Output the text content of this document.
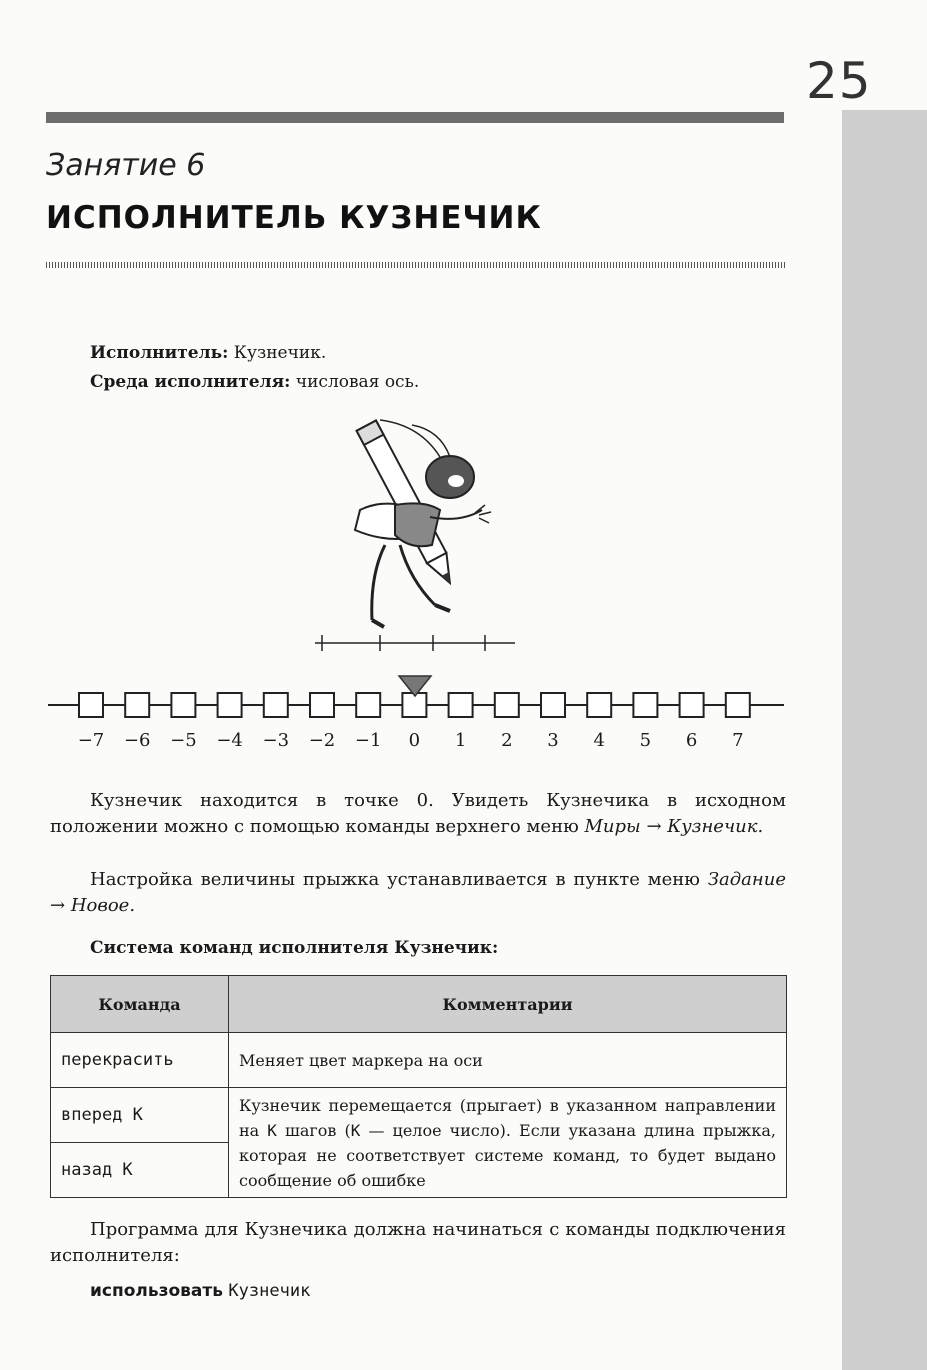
25
Занятие 6
ИСПОЛНИТЕЛЬ КУЗНЕЧИК
Исполнитель: Кузнечик.
Среда исполнителя: числовая ось.
−7 −6 −5 −4 −3 −2 −1 0 1 2 3 4 5 6 7
Кузнечик находится в точке 0. Увидеть Кузнечика в исходном положении можно с помощью команды верхнего меню Миры → Кузнечик.
Настройка величины прыжка устанавливается в пункте меню Задание → Новое.
Система команд исполнителя Кузнечик:
Команда	Комментарии
перекрасить	Меняет цвет маркера на оси
вперед К	Кузнечик перемещается (прыгает) в указанном направлении на К шагов (К — целое число). Если указана длина прыжка, которая не соответствует системе команд, то будет выдано сообщение об ошибке
назад К	
Программа для Кузнечика должна начинаться с команды подключения исполнителя:
использовать Кузнечик
